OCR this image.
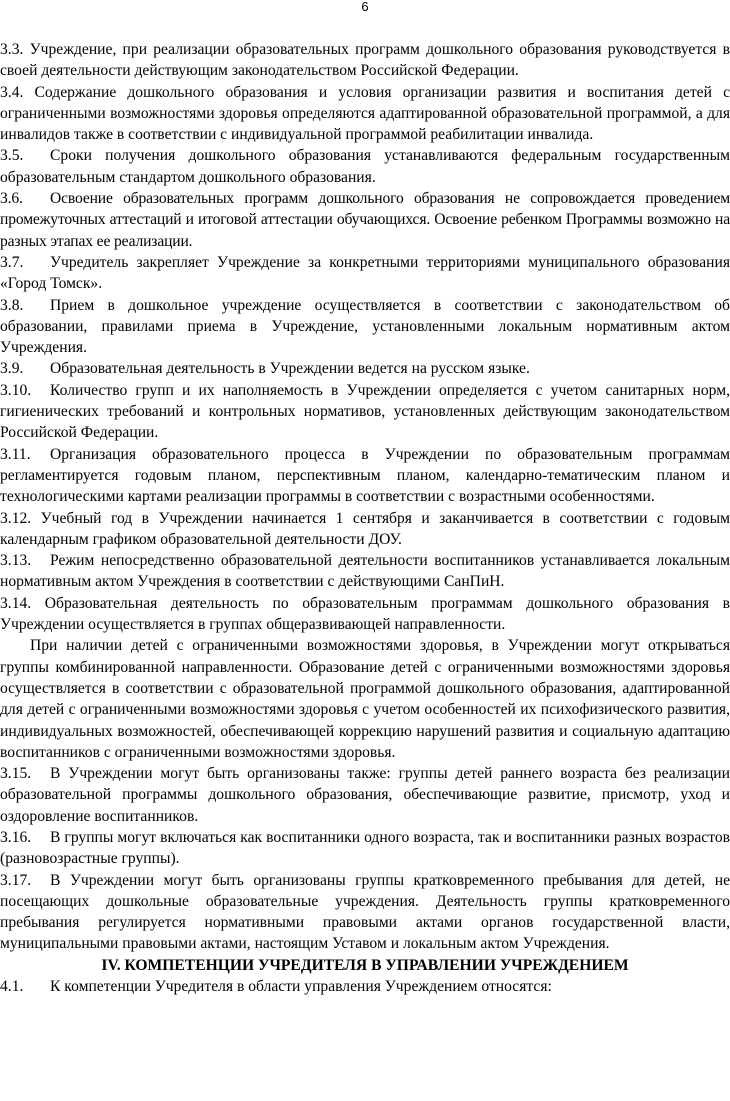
6

3.3. Учреждение, при реализации образовательных программ дошкольного образования руководствуется в своей деятельности действующим законодательством Российской Федерации.

3.4. Содержание дошкольного образования и условия организации развития и воспитания детей с ограниченными возможностями здоровья определяются адаптированной образовательной программой, а для инвалидов также в соответствии с индивидуальной программой реабилитации инвалида.

3.5. Сроки получения дошкольного образования устанавливаются федеральным государственным образовательным стандартом дошкольного образования.

3.6. Освоение образовательных программ дошкольного образования не сопровождается проведением промежуточных аттестаций и итоговой аттестации обучающихся. Освоение ребенком Программы возможно на разных этапах ее реализации.

3.7. Учредитель закрепляет Учреждение за конкретными территориями муниципального образования «Город Томск».

3.8. Прием в дошкольное учреждение осуществляется в соответствии с законодательством об образовании, правилами приема в Учреждение, установленными локальным нормативным актом Учреждения.

3.9. Образовательная деятельность в Учреждении ведется на русском языке.

3.10. Количество групп и их наполняемость в Учреждении определяется с учетом санитарных норм, гигиенических требований и контрольных нормативов, установленных действующим законодательством Российской Федерации.

3.11. Организация образовательного процесса в Учреждении по образовательным программам регламентируется годовым планом, перспективным планом, календарно-тематическим планом и технологическими картами реализации программы в соответствии с возрастными особенностями.

3.12. Учебный год в Учреждении начинается 1 сентября и заканчивается в соответствии с годовым календарным графиком образовательной деятельности ДОУ.

3.13. Режим непосредственно образовательной деятельности воспитанников устанавливается локальным нормативным актом Учреждения в соответствии с действующими СанПиН.

3.14. Образовательная деятельность по образовательным программам дошкольного образования в Учреждении осуществляется в группах общеразвивающей направленности.

При наличии детей с ограниченными возможностями здоровья, в Учреждении могут открываться группы комбинированной направленности. Образование детей с ограниченными возможностями здоровья осуществляется в соответствии с образовательной программой дошкольного образования, адаптированной для детей с ограниченными возможностями здоровья с учетом особенностей их психофизического развития, индивидуальных возможностей, обеспечивающей коррекцию нарушений развития и социальную адаптацию воспитанников с ограниченными возможностями здоровья.

3.15. В Учреждении могут быть организованы также: группы детей раннего возраста без реализации образовательной программы дошкольного образования, обеспечивающие развитие, присмотр, уход и оздоровление воспитанников.

3.16. В группы могут включаться как воспитанники одного возраста, так и воспитанники разных возрастов (разновозрастные группы).

3.17. В Учреждении могут быть организованы группы кратковременного пребывания для детей, не посещающих дошкольные образовательные учреждения. Деятельность группы кратковременного пребывания регулируется нормативными правовыми актами органов государственной власти, муниципальными правовыми актами, настоящим Уставом и локальным актом Учреждения.

IV. КОМПЕТЕНЦИИ УЧРЕДИТЕЛЯ В УПРАВЛЕНИИ УЧРЕЖДЕНИЕМ

4.1. К компетенции Учредителя в области управления Учреждением относятся:
